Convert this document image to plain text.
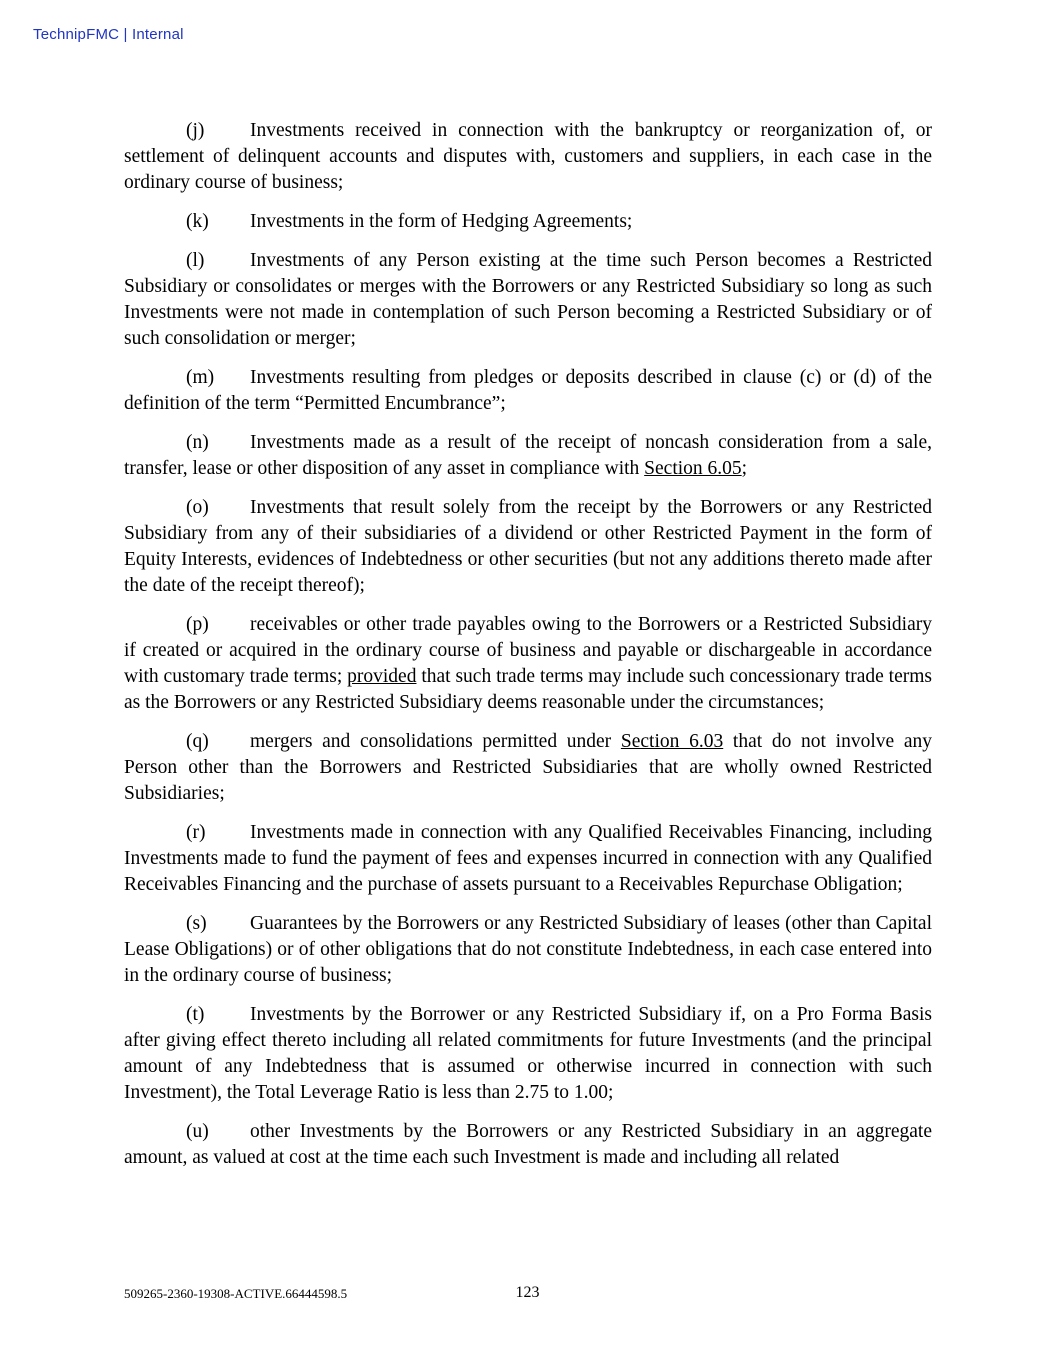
TechnipFMC | Internal

(j) Investments received in connection with the bankruptcy or reorganization of, or settlement of delinquent accounts and disputes with, customers and suppliers, in each case in the ordinary course of business;

(k) Investments in the form of Hedging Agreements;

(l) Investments of any Person existing at the time such Person becomes a Restricted Subsidiary or consolidates or merges with the Borrowers or any Restricted Subsidiary so long as such Investments were not made in contemplation of such Person becoming a Restricted Subsidiary or of such consolidation or merger;

(m) Investments resulting from pledges or deposits described in clause (c) or (d) of the definition of the term “Permitted Encumbrance”;

(n) Investments made as a result of the receipt of noncash consideration from a sale, transfer, lease or other disposition of any asset in compliance with Section 6.05;

(o) Investments that result solely from the receipt by the Borrowers or any Restricted Subsidiary from any of their subsidiaries of a dividend or other Restricted Payment in the form of Equity Interests, evidences of Indebtedness or other securities (but not any additions thereto made after the date of the receipt thereof);

(p) receivables or other trade payables owing to the Borrowers or a Restricted Subsidiary if created or acquired in the ordinary course of business and payable or dischargeable in accordance with customary trade terms; provided that such trade terms may include such concessionary trade terms as the Borrowers or any Restricted Subsidiary deems reasonable under the circumstances;

(q) mergers and consolidations permitted under Section 6.03 that do not involve any Person other than the Borrowers and Restricted Subsidiaries that are wholly owned Restricted Subsidiaries;

(r) Investments made in connection with any Qualified Receivables Financing, including Investments made to fund the payment of fees and expenses incurred in connection with any Qualified Receivables Financing and the purchase of assets pursuant to a Receivables Repurchase Obligation;

(s) Guarantees by the Borrowers or any Restricted Subsidiary of leases (other than Capital Lease Obligations) or of other obligations that do not constitute Indebtedness, in each case entered into in the ordinary course of business;

(t) Investments by the Borrower or any Restricted Subsidiary if, on a Pro Forma Basis after giving effect thereto including all related commitments for future Investments (and the principal amount of any Indebtedness that is assumed or otherwise incurred in connection with such Investment), the Total Leverage Ratio is less than 2.75 to 1.00;

(u) other Investments by the Borrowers or any Restricted Subsidiary in an aggregate amount, as valued at cost at the time each such Investment is made and including all related

509265-2360-19308-ACTIVE.66444598.5	123
